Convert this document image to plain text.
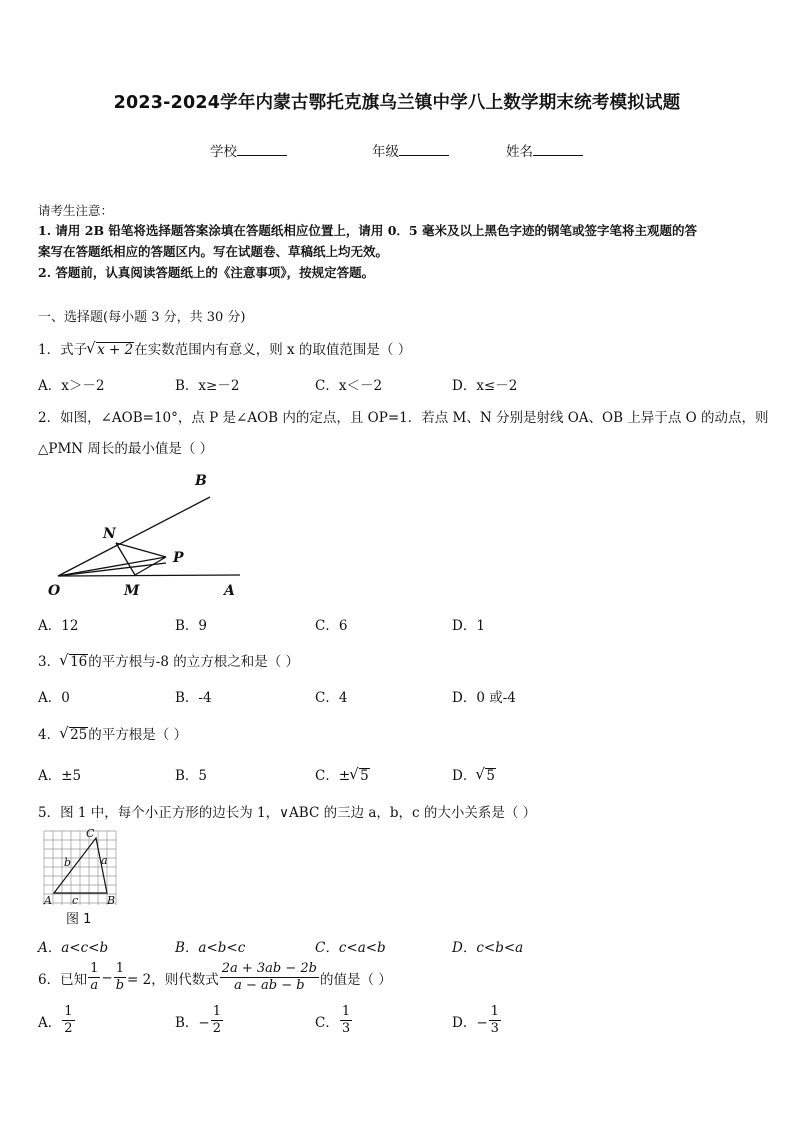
2023-2024学年内蒙古鄂托克旗乌兰镇中学八上数学期末统考模拟试题
学校	年级	姓名
请考生注意：
1. 请用 2B 铅笔将选择题答案涂填在答题纸相应位置上，请用 0．5 毫米及以上黑色字迹的钢笔或签字笔将主观题的答
案写在答题纸相应的答题区内。写在试题卷、草稿纸上均无效。
2. 答题前，认真阅读答题纸上的《注意事项》，按规定答题。
一、选择题(每小题 3 分，共 30 分)
1．式子 √ x + 2在实数范围内有意义，则 x 的取值范围是（ ）
A．x＞－2	B．x≥－2	C．x＜－2	D．x≤－2
2．如图，∠AOB=10°，点 P 是∠AOB 内的定点，且 OP=1．若点 M、N 分别是射线 OA、OB 上异于点 O 的动点，则
△PMN 周长的最小值是（ ）
B
N
P
O	M	A
A．12	B．9	C．6	D．1
3． √ 16的平方根与-8 的立方根之和是（ ）
A．0	B．-4	C．4	D．0 或-4
4． √ 25的平方根是（ ）
A．±5	B．5	C．± √ 5	D． √ 5
5．图 1 中，每个小正方形的边长为 1，∨ABC 的三边 a，b，c 的大小关系是（ ）
C
b	a
A c	B
图 1
A．a<c<b	B．a<b<c	C．c<a<b	D．c<b<a
6．已知 $\frac{1}{a} - \frac{1}{b} = 2$，则代数式 $\frac{2a + 3ab - 2b}{a - ab - b}$ 的值是（ ）
A． $\frac{1}{2}$	B．− $\frac{1}{2}$	C． $\frac{1}{3}$	D．− $\frac{1}{3}$
